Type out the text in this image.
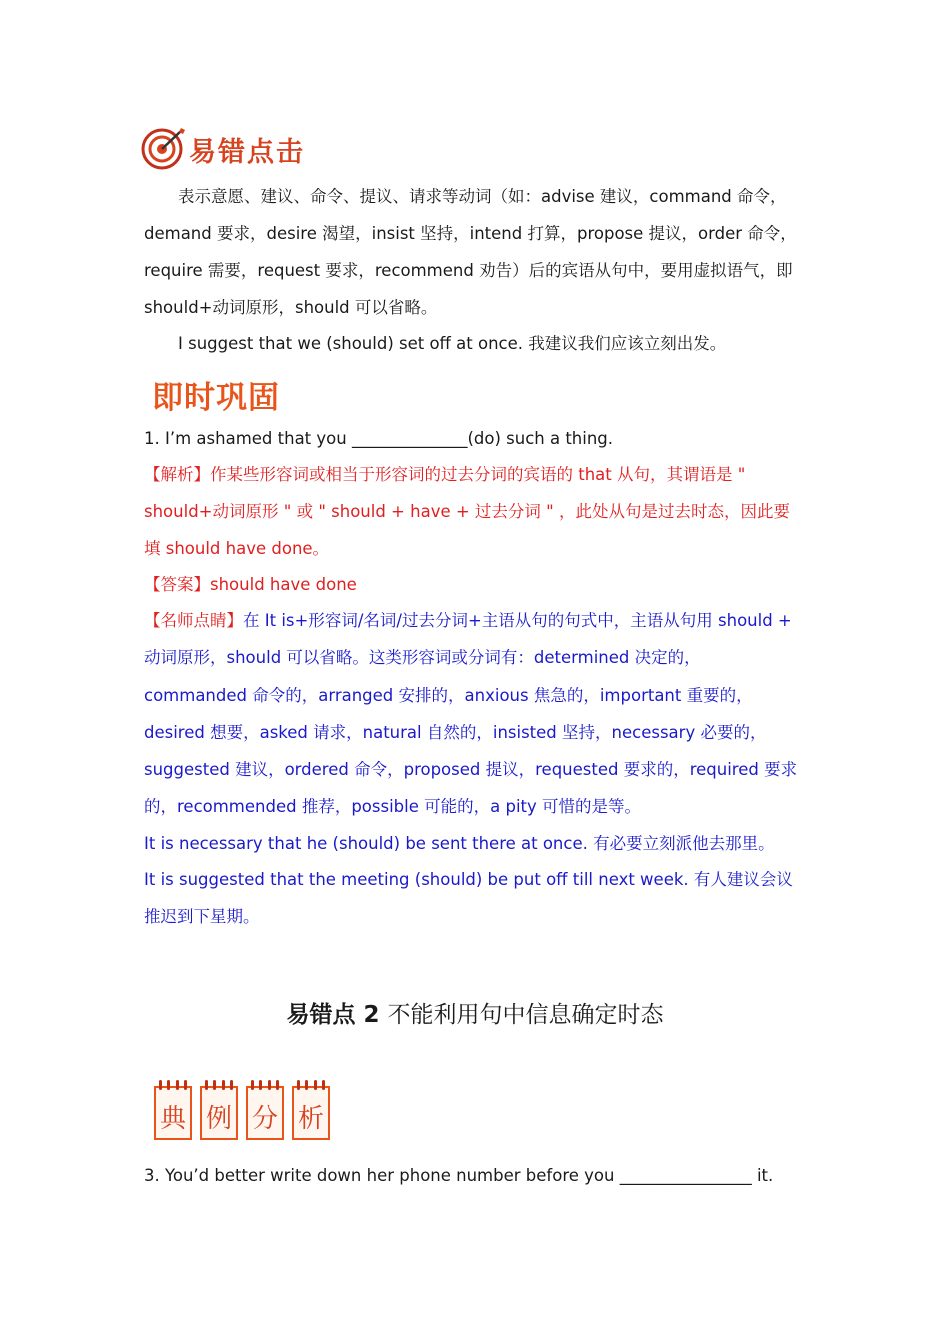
易错点击
表示意愿、建议、命令、提议、请求等动词（如：advise 建议，command 命令，
demand 要求，desire 渴望，insist 坚持，intend 打算，propose 提议，order 命令，
require 需要，request 要求，recommend 劝告）后的宾语从句中，要用虚拟语气，即
should+动词原形，should 可以省略。
I suggest that we (should) set off at once. 我建议我们应该立刻出发。
即时巩固
1. I’m ashamed that you ______________(do) such a thing.
【解析】作某些形容词或相当于形容词的过去分词的宾语的 that 从句，其谓语是 "
should+动词原形 " 或 " should + have + 过去分词 " ，此处从句是过去时态，因此要
填 should have done。
【答案】should have done
【名师点睛】在 It is+形容词/名词/过去分词+主语从句的句式中，主语从句用 should +
动词原形，should 可以省略。这类形容词或分词有：determined 决定的，
commanded 命令的，arranged 安排的，anxious 焦急的，important 重要的，
desired 想要，asked 请求，natural 自然的，insisted 坚持，necessary 必要的，
suggested 建议，ordered 命令，proposed 提议，requested 要求的，required 要求
的，recommended 推荐，possible 可能的，a pity 可惜的是等。
It is necessary that he (should) be sent there at once. 有必要立刻派他去那里。
It is suggested that the meeting (should) be put off till next week. 有人建议会议
推迟到下星期。
易错点 2 不能利用句中信息确定时态
典 例 分 析
3. You’d better write down her phone number before you ________________ it.
